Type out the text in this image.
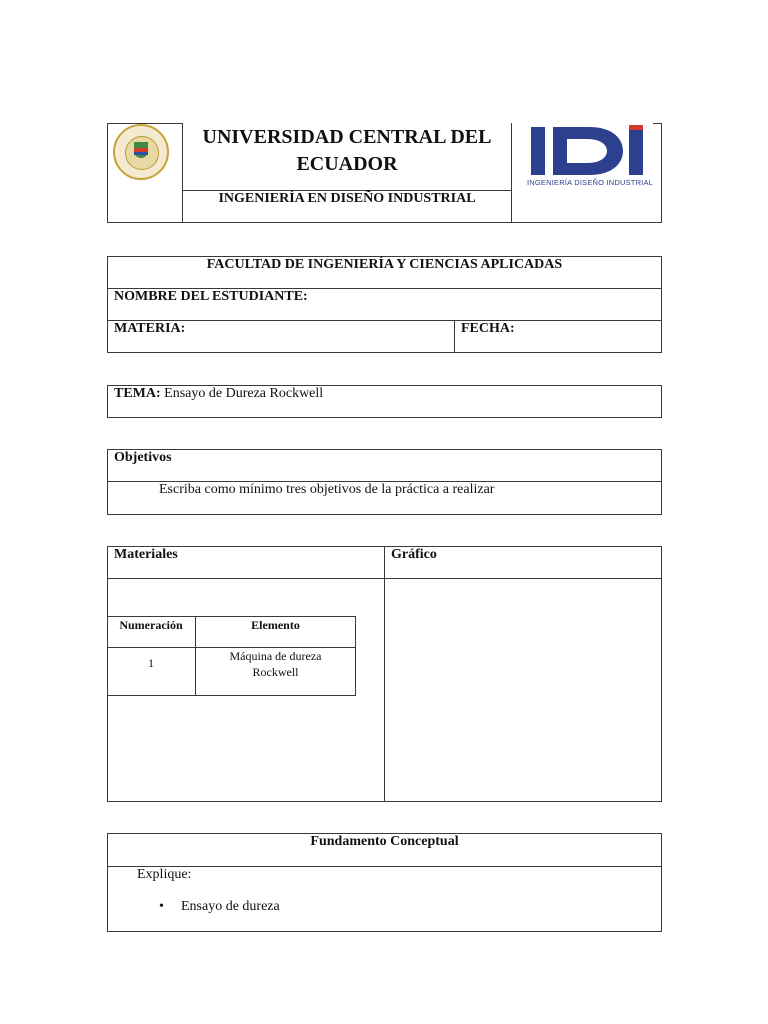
UNIVERSIDAD CENTRAL DEL ECUADOR
INGENIERÍA EN DISEÑO INDUSTRIAL
INGENIERÍA DISEÑO INDUSTRIAL
FACULTAD DE INGENIERÍA Y CIENCIAS APLICADAS
NOMBRE DEL ESTUDIANTE:
MATERIA:	FECHA:
TEMA: Ensayo de Dureza Rockwell
Objetivos
Escriba como mínimo tres objetivos de la práctica a realizar
Materiales	Gráfico
Numeración	Elemento
1	Máquina de dureza
Rockwell
Fundamento Conceptual
Explique:
• Ensayo de dureza
